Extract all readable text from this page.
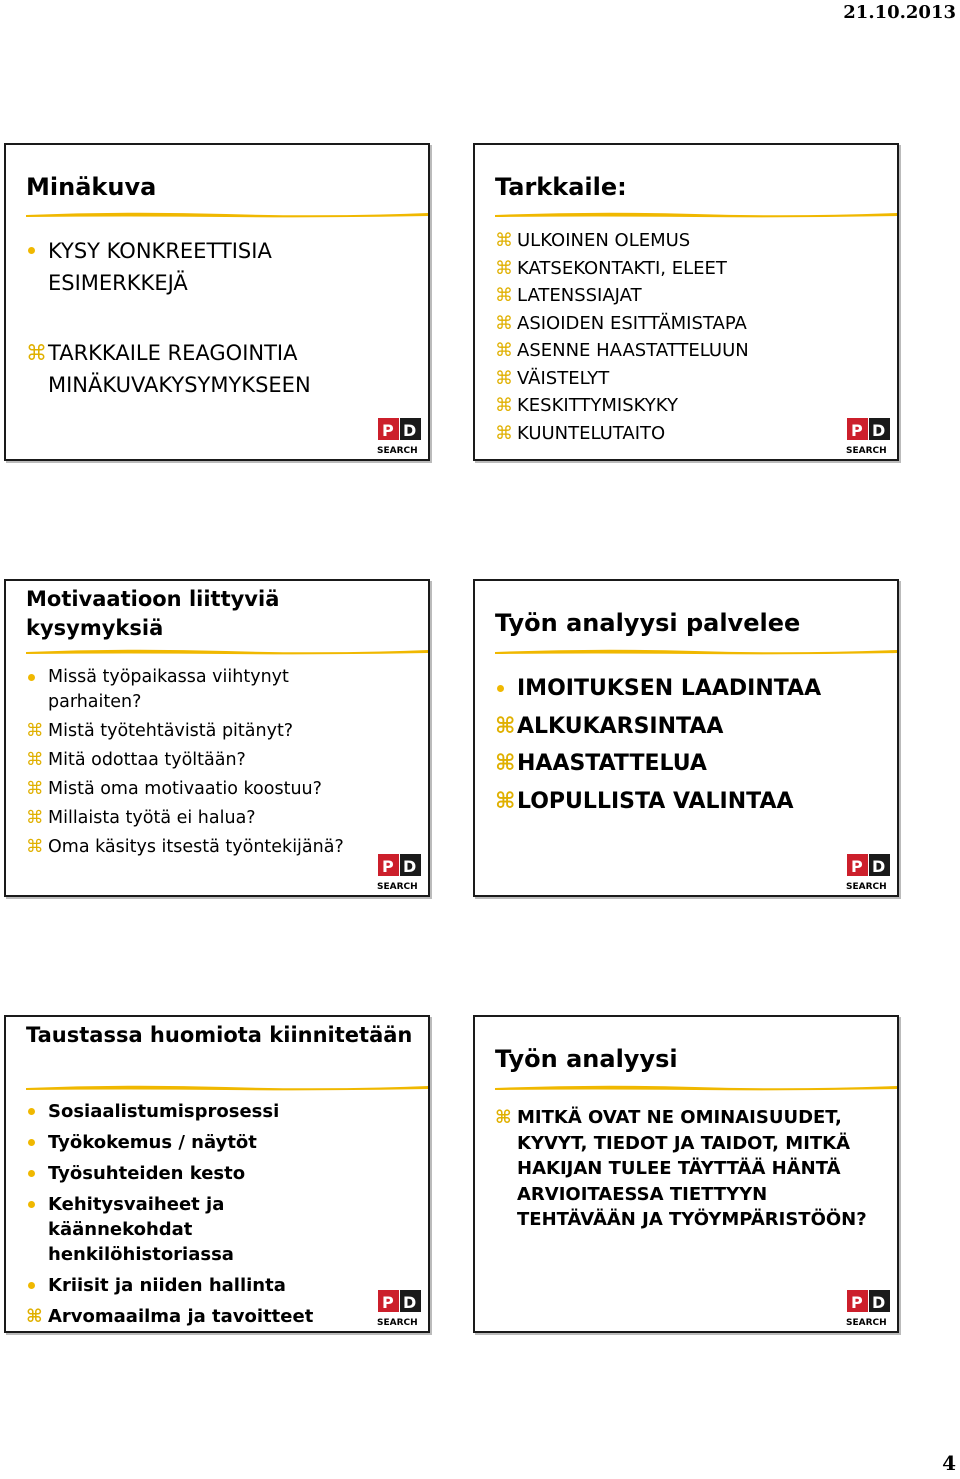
21.10.2013
Minäkuva
KYSY KONKREETTISIA ESIMERKKEJÄ
⌘ TARKKAILE REAGOINTIA MINÄKUVAKYSYMYKSEEN
P D
SEARCH
Tarkkaile:
⌘ ULKOINEN OLEMUS
⌘ KATSEKONTAKTI, ELEET
⌘ LATENSSIAJAT
⌘ ASIOIDEN ESITTÄMISTAPA
⌘ ASENNE HAASTATTELUUN
⌘ VÄISTELYT
⌘ KESKITTYMISKYKY
⌘ KUUNTELUTAITO	P D
SEARCH
Motivaatioon liittyviä kysymyksiä
Missä työpaikassa viihtynyt parhaiten?
⌘ Mistä työtehtävistä pitänyt?
⌘ Mitä odottaa työltään?
⌘ Mistä oma motivaatio koostuu?
⌘ Millaista työtä ei halua?
⌘ Oma käsitys itsestä työntekijänä?
P D
SEARCH
Työn analyysi palvelee
IMOITUKSEN LAADINTAA
⌘ ALKUKARSINTAA
⌘ HAASTATTELUA
⌘ LOPULLISTA VALINTAA
P D
SEARCH
Taustassa huomiota kiinnitetään
Sosiaalistumisprosessi
Työkokemus / näytöt
Työsuhteiden kesto
Kehitysvaiheet ja käännekohdat henkilöhistoriassa
Kriisit ja niiden hallinta
⌘ Arvomaailma ja tavoitteet
P D
SEARCH
Työn analyysi
⌘ MITKÄ OVAT NE OMINAISUUDET, KYVYT, TIEDOT JA TAIDOT, MITKÄ HAKIJAN TULEE TÄYTTÄÄ HÄNTÄ ARVIOITAESSA TIETTYYN TEHTÄVÄÄN JA TYÖYMPÄRISTÖÖN?
P D
SEARCH
4
